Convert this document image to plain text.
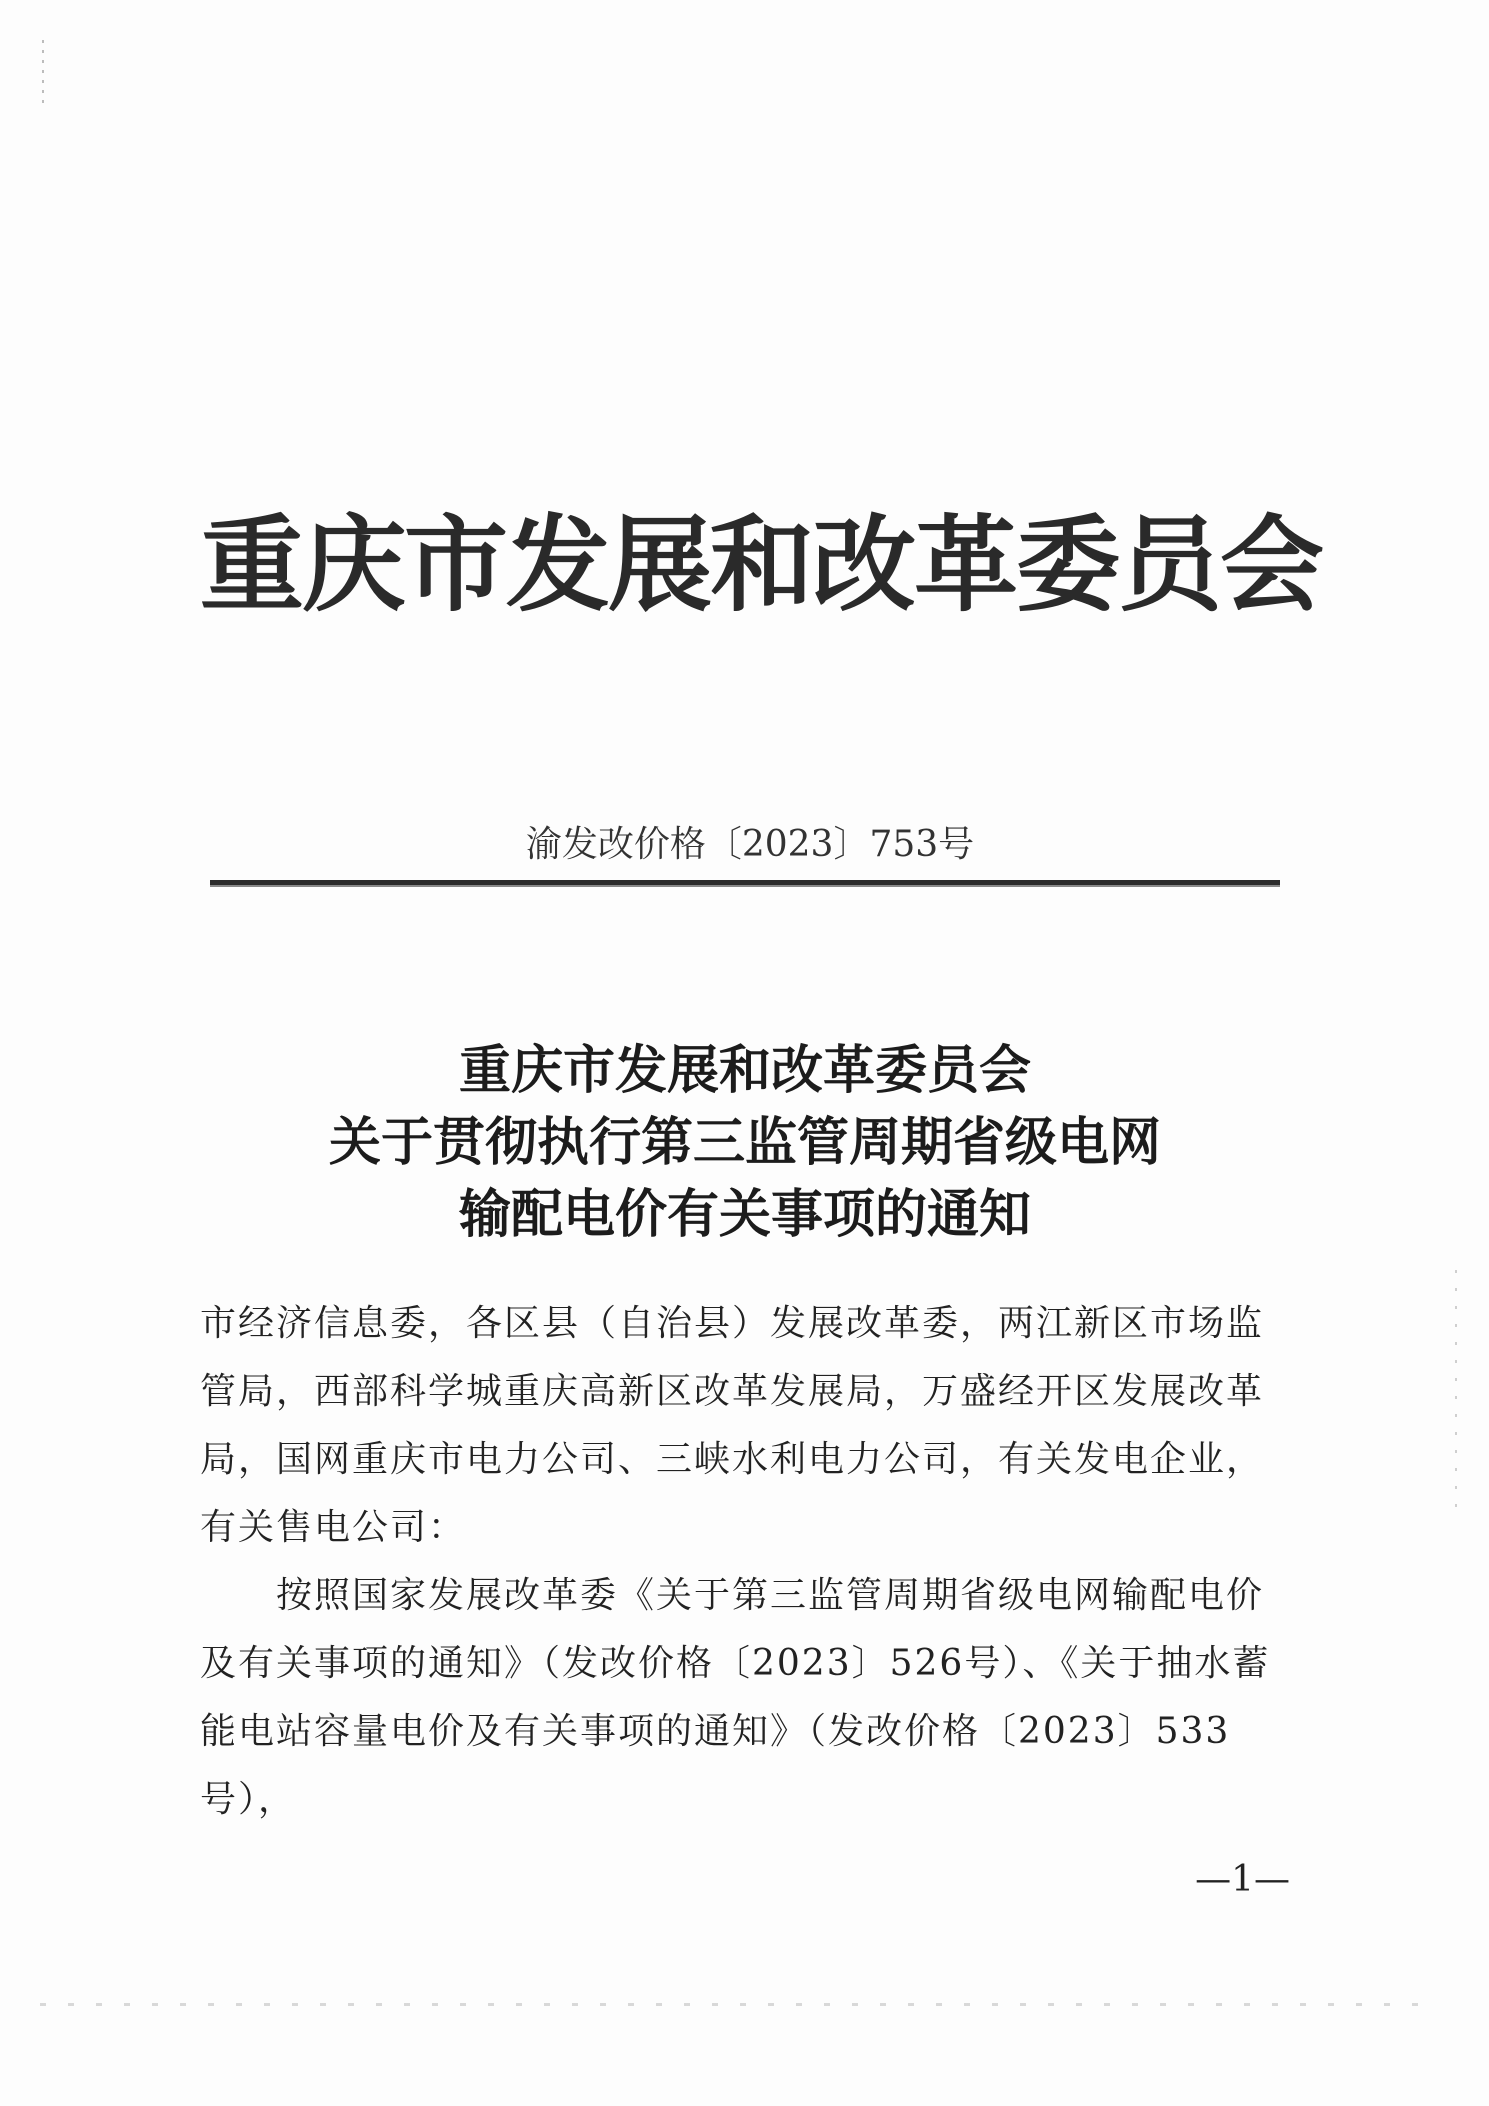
重庆市发展和改革委员会
渝发改价格〔2023〕753号
重庆市发展和改革委员会
关于贯彻执行第三监管周期省级电网
输配电价有关事项的通知

市经济信息委，各区县（自治县）发展改革委，两江新区市场监管局，西部科学城重庆高新区改革发展局，万盛经开区发展改革局，国网重庆市电力公司、三峡水利电力公司，有关发电企业，有关售电公司：

按照国家发展改革委《关于第三监管周期省级电网输配电价及有关事项的通知》（发改价格〔2023〕526号）、《关于抽水蓄能电站容量电价及有关事项的通知》（发改价格〔2023〕533号），

—1—
